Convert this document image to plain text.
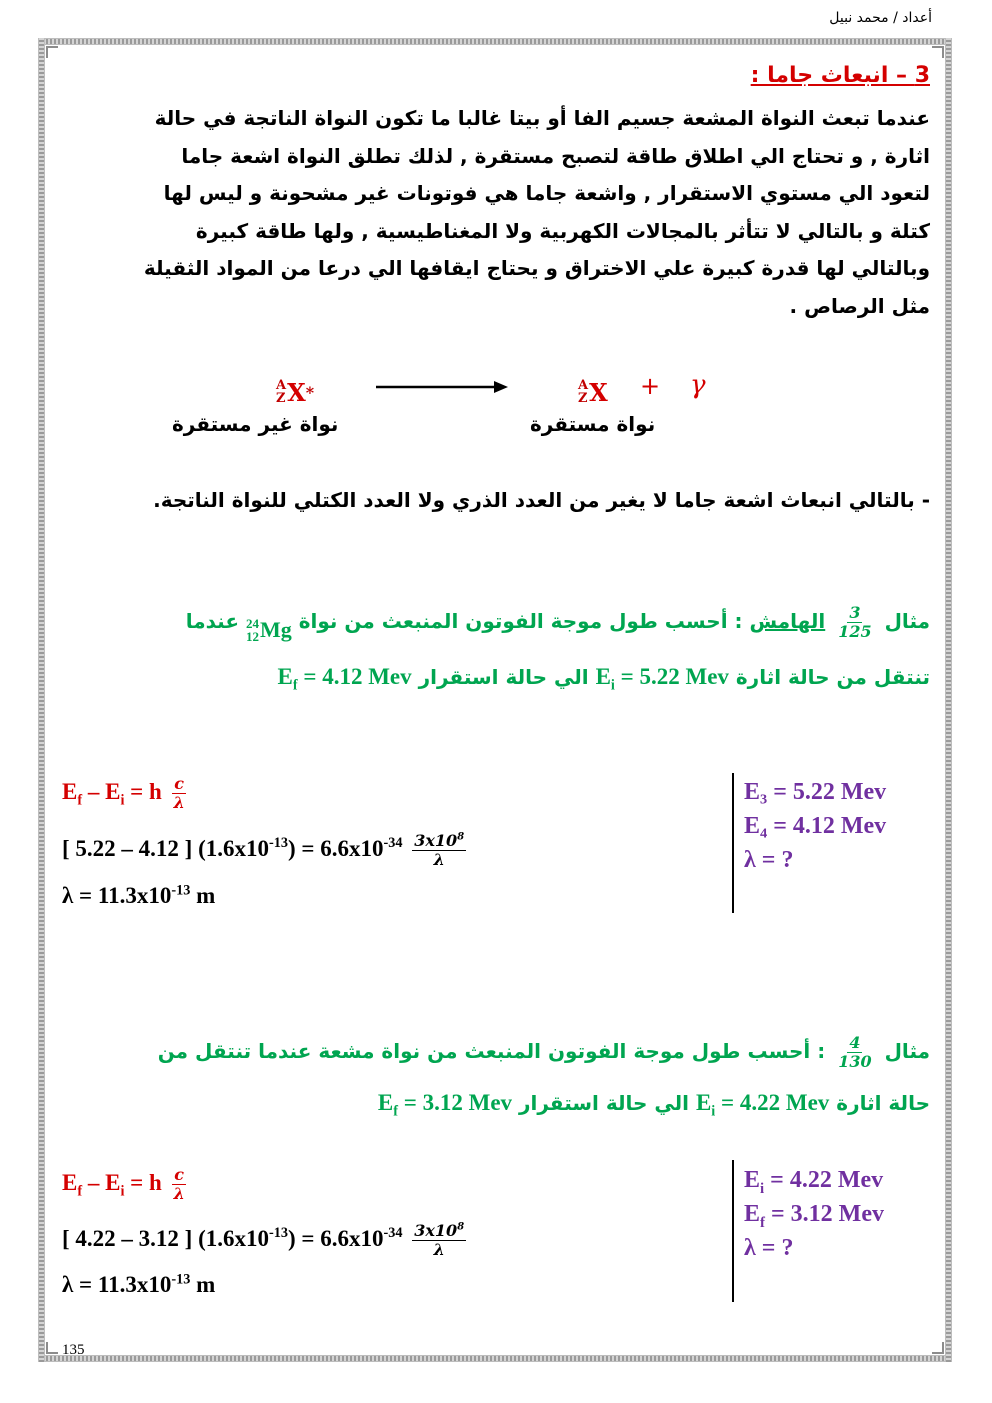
أعداد / محمد نبيل
3 – انبعاث جاما :
عندما تبعث النواة المشعة جسيم الفا أو بيتا غالبا ما تكون النواة الناتجة في حالة
اثارة , و تحتاج الي اطلاق طاقة لتصبح مستقرة , لذلك تطلق النواة اشعة جاما
لتعود الي مستوي الاستقرار , واشعة جاما هي فوتونات غير مشحونة و ليس لها
كتلة و بالتالي لا تتأثر بالمجالات الكهربية ولا المغناطيسية , ولها طاقة كبيرة
وبالتالي لها قدرة كبيرة علي الاختراق و يحتاج ايقافها الي درعا من المواد الثقيلة
مثل الرصاص .
A
Z X *	A
Z X + γ
نواة غير مستقرة	نواة مستقرة
- بالتالي انبعاث اشعة جاما لا يغير من العدد الذري ولا العدد الكتلي للنواة الناتجة.
مثال
$\frac{3}{125}$
الهامش : أحسب طول موجة الفوتون المنبعث من نواة
24
12 Mg
عندما
تنتقل من حالة اثارة $E_i = 5.22$ Mev الي حالة استقرار $E_f = 4.12$ Mev
$E_f - E_i = h \frac{c}{\lambda}$
[ 5.22 – 4.12 ] $(1.6x10^{-13}) = 6.6x10^{-34} \frac{3x10^8}{\lambda}$
$\lambda = 11.3x10^{-13}$ m
E₃ = 5.22 Mev
E₄ = 4.12 Mev
λ = ?
مثال
$\frac{4}{130}$
: أحسب طول موجة الفوتون المنبعث من نواة مشعة عندما تنتقل من
حالة اثارة $E_i = 4.22$ Mev الي حالة استقرار $E_f = 3.12$ Mev
$E_f - E_i = h \frac{c}{\lambda}$
[ 4.22 – 3.12 ] $(1.6x10^{-13}) = 6.6x10^{-34} \frac{3x10^8}{\lambda}$
$\lambda = 11.3x10^{-13}$ m
$E_i = 4.22$ Mev
$E_f = 3.12$ Mev
λ = ?
135
